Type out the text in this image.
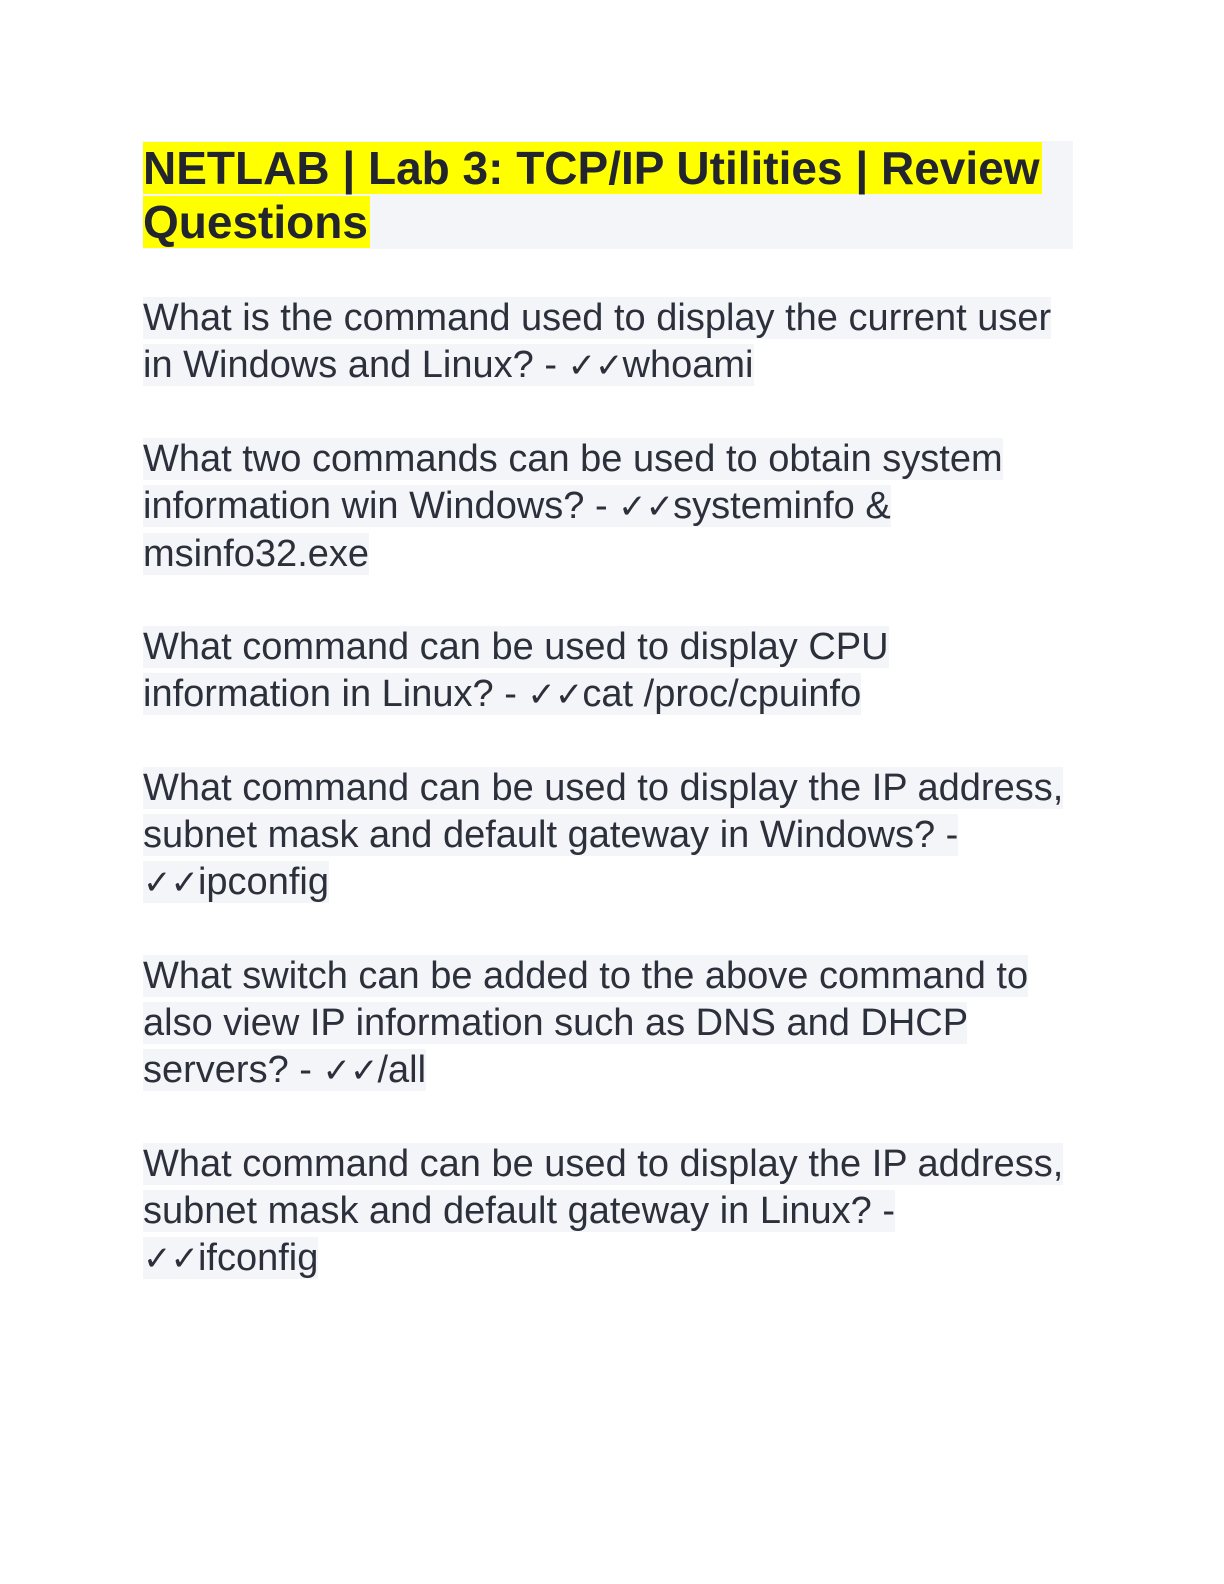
NETLAB | Lab 3: TCP/IP Utilities | Review Questions

What is the command used to display the current user in Windows and Linux? - ✓✓whoami

What two commands can be used to obtain system information win Windows? - ✓✓systeminfo & msinfo32.exe

What command can be used to display CPU information in Linux? - ✓✓cat /proc/cpuinfo

What command can be used to display the IP address, subnet mask and default gateway in Windows? - ✓✓ipconfig

What switch can be added to the above command to also view IP information such as DNS and DHCP servers? - ✓✓/all

What command can be used to display the IP address, subnet mask and default gateway in Linux? - ✓✓ifconfig
